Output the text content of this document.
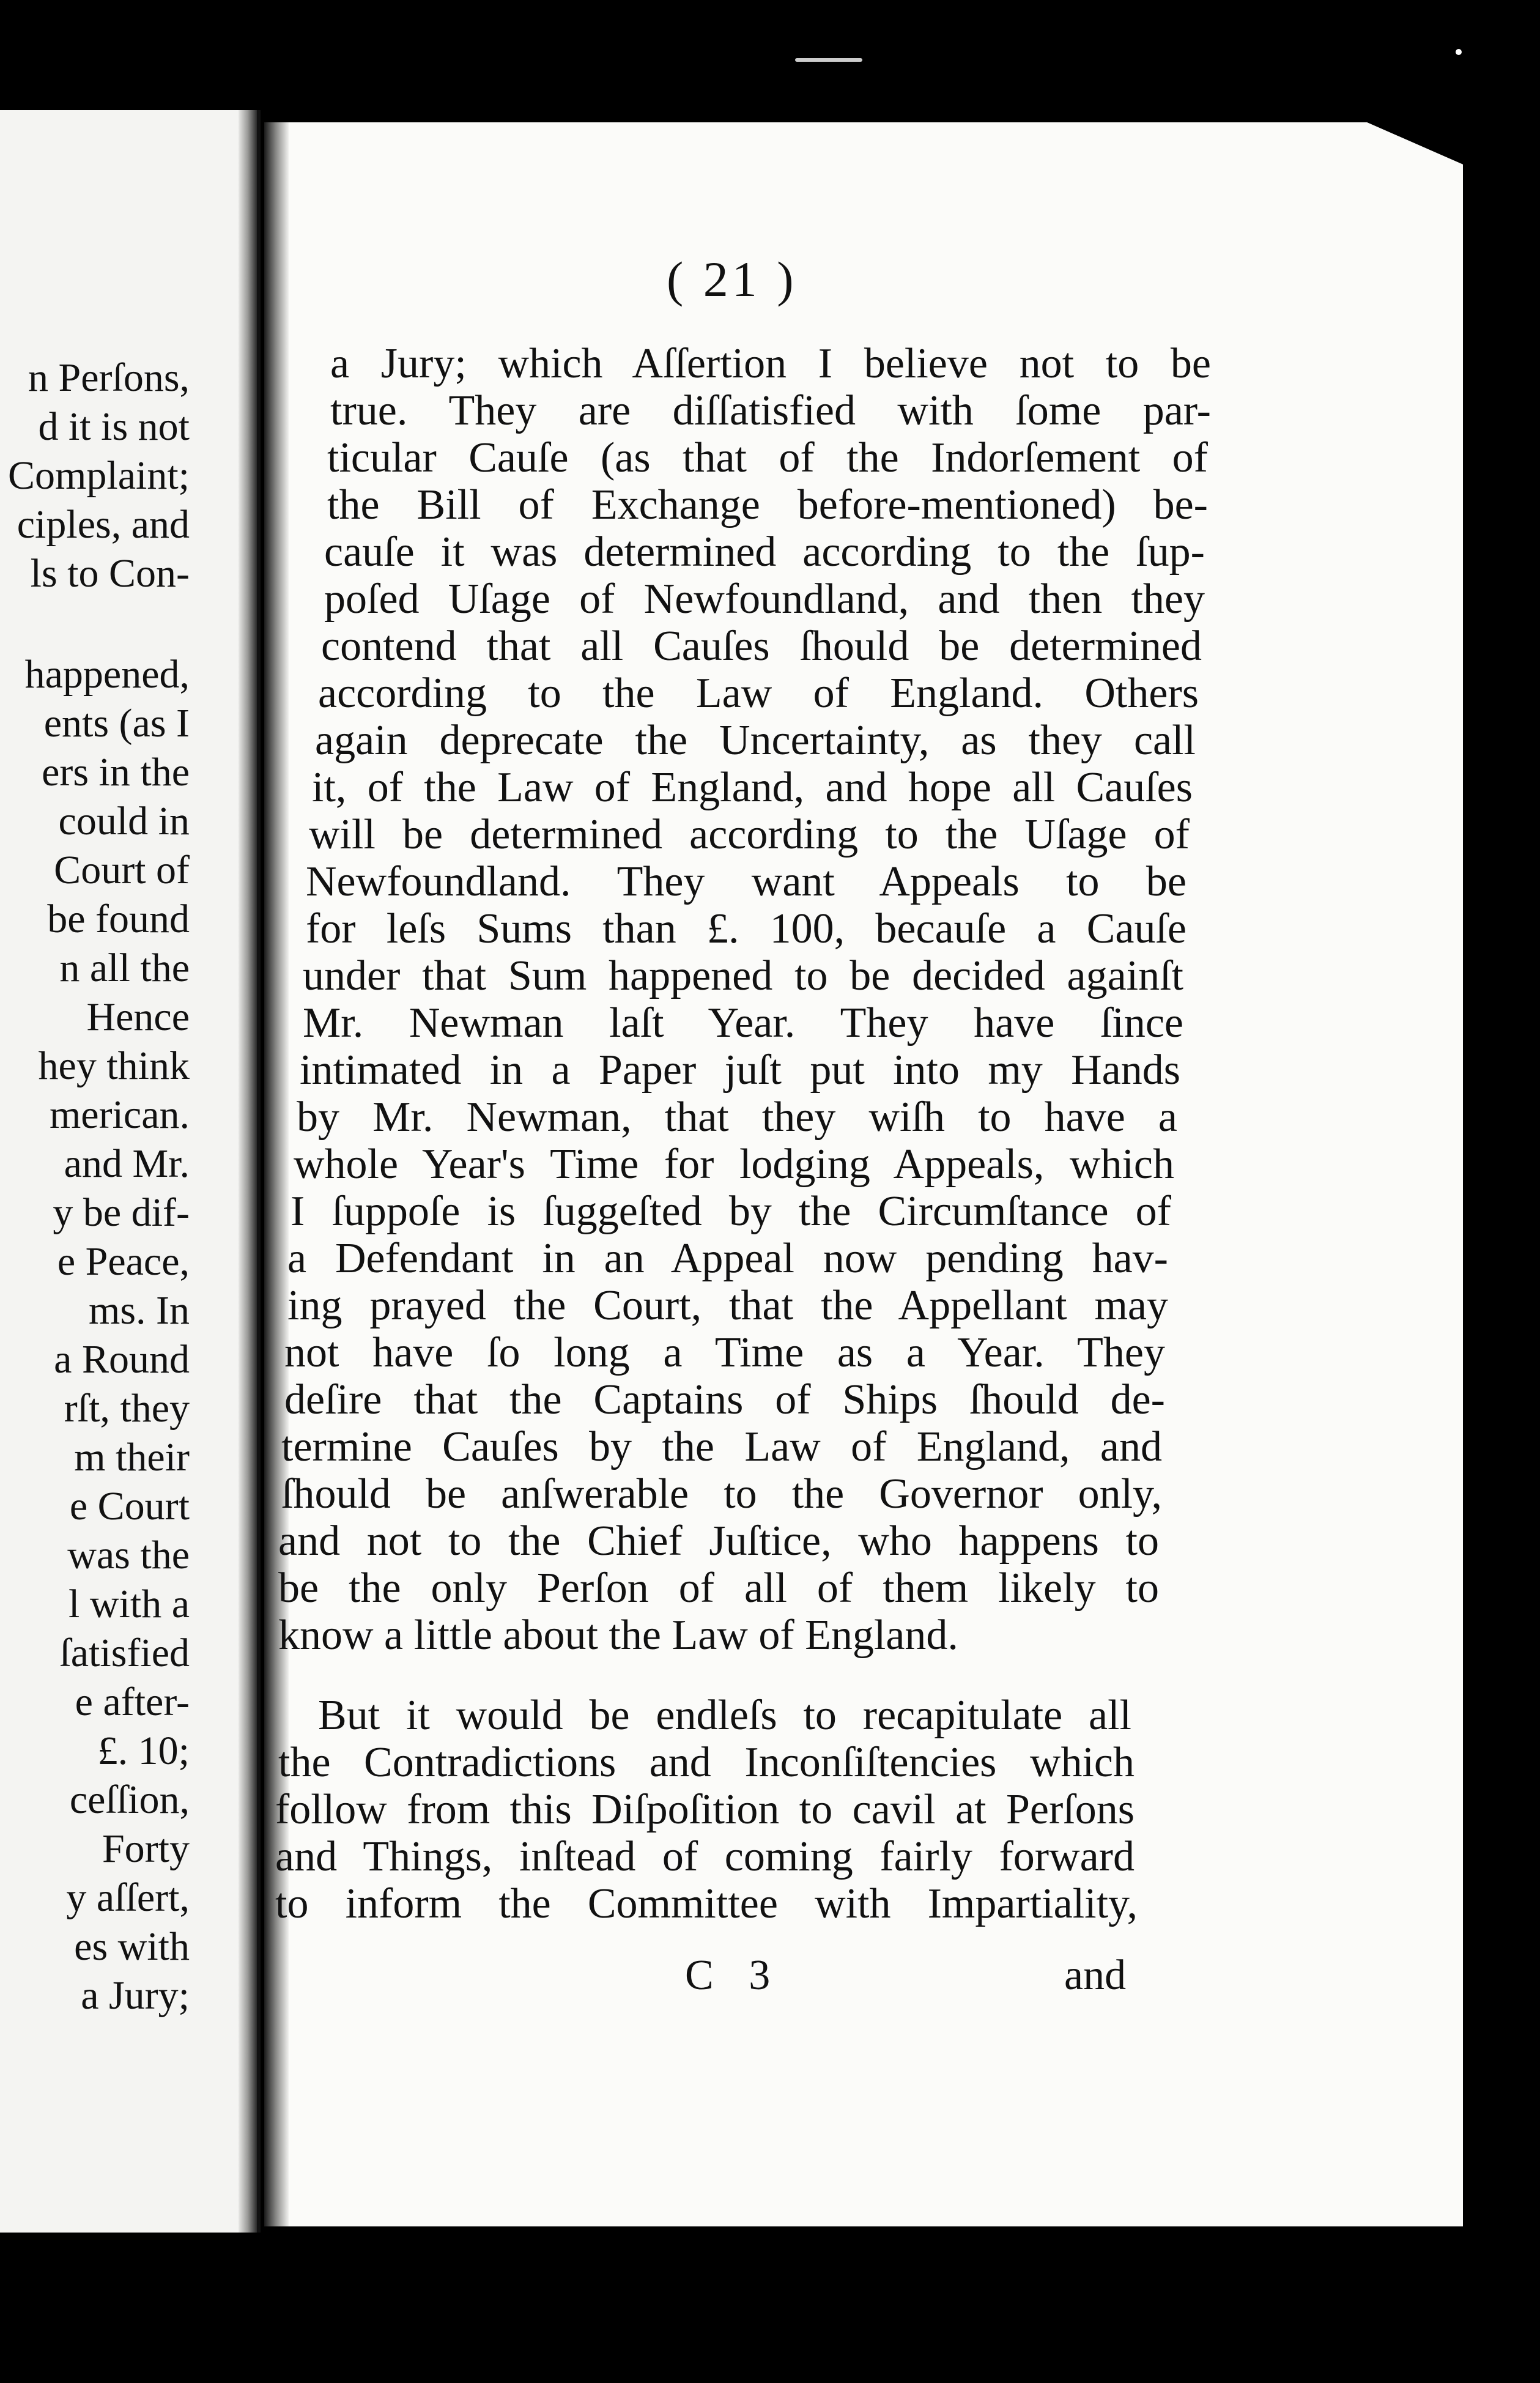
n Perſons,
d it is not
Complaint;
ciples, and
ls to Con-
happened,
ents (as I
ers in the
could in
Court of
be found
n all the
Hence
hey think
merican.
and Mr.
y be dif-
e Peace,
ms. In
a Round
rſt, they
m their
e Court
was the
l with a
ſatisfied
e after-
£. 10;
ceſſion,
Forty
y aſſert,
es with
a Jury;
( 21 )
a Jury; which Aſſertion I believe not to be
true. They are diſſatisfied with ſome par-
ticular Cauſe (as that of the Indorſement of
the Bill of Exchange before-mentioned) be-
cauſe it was determined according to the ſup-
poſed Uſage of Newfoundland, and then they
contend that all Cauſes ſhould be determined
according to the Law of England. Others
again deprecate the Uncertainty, as they call
it, of the Law of England, and hope all Cauſes
will be determined according to the Uſage of
Newfoundland. They want Appeals to be
for leſs Sums than £. 100, becauſe a Cauſe
under that Sum happened to be decided againſt
Mr. Newman laſt Year. They have ſince
intimated in a Paper juſt put into my Hands
by Mr. Newman, that they wiſh to have a
whole Year's Time for lodging Appeals, which
I ſuppoſe is ſuggeſted by the Circumſtance of
a Defendant in an Appeal now pending hav-
ing prayed the Court, that the Appellant may
not have ſo long a Time as a Year. They
deſire that the Captains of Ships ſhould de-
termine Cauſes by the Law of England, and
ſhould be anſwerable to the Governor only,
and not to the Chief Juſtice, who happens to
be the only Perſon of all of them likely to
know a little about the Law of England.
But it would be endleſs to recapitulate all
the Contradictions and Inconſiſtencies which
follow from this Diſpoſition to cavil at Perſons
and Things, inſtead of coming fairly forward
to inform the Committee with Impartiality,
C 3	and
